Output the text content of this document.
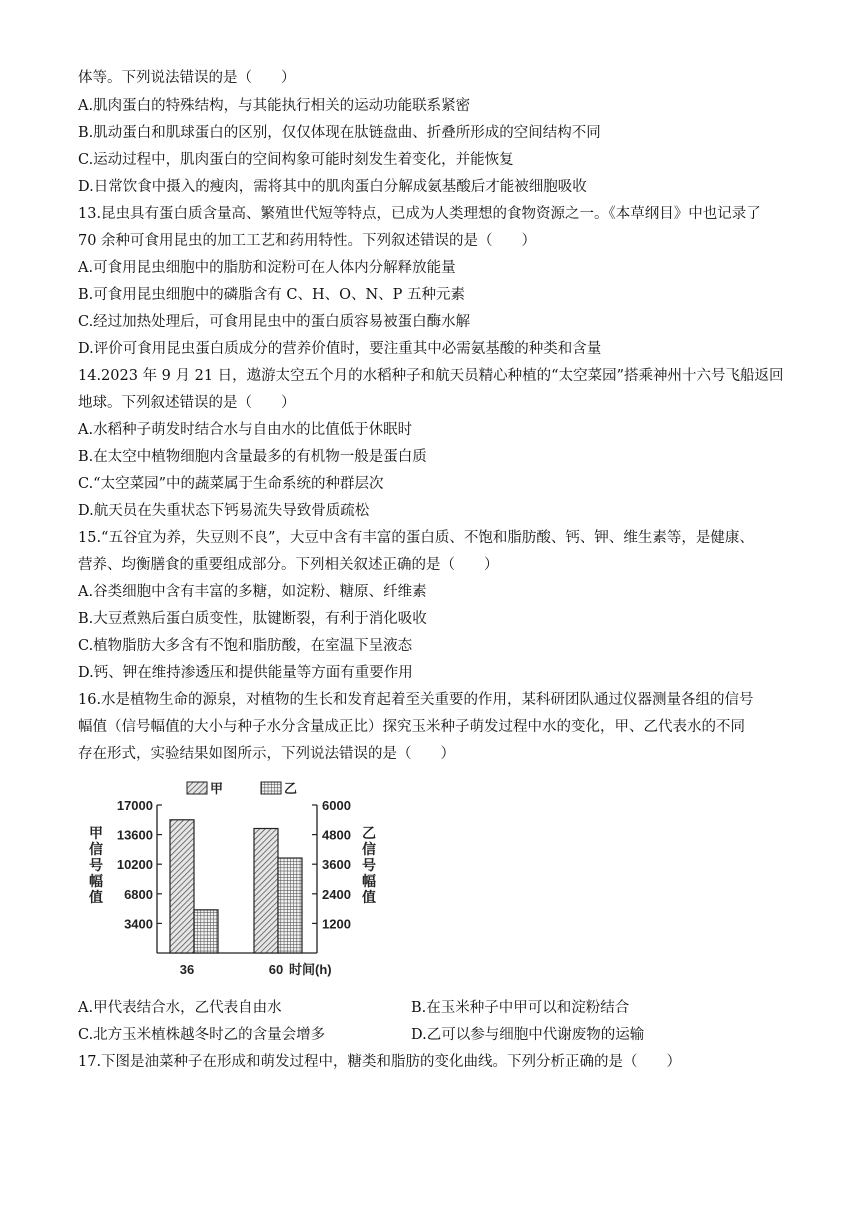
体等。下列说法错误的是（　　）
A.肌肉蛋白的特殊结构，与其能执行相关的运动功能联系紧密
B.肌动蛋白和肌球蛋白的区别，仅仅体现在肽链盘曲、折叠所形成的空间结构不同
C.运动过程中，肌肉蛋白的空间构象可能时刻发生着变化，并能恢复
D.日常饮食中摄入的瘦肉，需将其中的肌肉蛋白分解成氨基酸后才能被细胞吸收
13.昆虫具有蛋白质含量高、繁殖世代短等特点，已成为人类理想的食物资源之一。《本草纲目》中也记录了
70 余种可食用昆虫的加工工艺和药用特性。下列叙述错误的是（　　）
A.可食用昆虫细胞中的脂肪和淀粉可在人体内分解释放能量
B.可食用昆虫细胞中的磷脂含有 C、H、O、N、P 五种元素
C.经过加热处理后，可食用昆虫中的蛋白质容易被蛋白酶水解
D.评价可食用昆虫蛋白质成分的营养价值时，要注重其中必需氨基酸的种类和含量
14.2023 年 9 月 21 日，遨游太空五个月的水稻种子和航天员精心种植的“太空菜园”搭乘神州十六号飞船返回
地球。下列叙述错误的是（　　）
A.水稻种子萌发时结合水与自由水的比值低于休眠时
B.在太空中植物细胞内含量最多的有机物一般是蛋白质
C.“太空菜园”中的蔬菜属于生命系统的种群层次
D.航天员在失重状态下钙易流失导致骨质疏松
15.“五谷宜为养，失豆则不良”，大豆中含有丰富的蛋白质、不饱和脂肪酸、钙、钾、维生素等，是健康、
营养、均衡膳食的重要组成部分。下列相关叙述正确的是（　　）
A.谷类细胞中含有丰富的多糖，如淀粉、糖原、纤维素
B.大豆煮熟后蛋白质变性，肽键断裂，有利于消化吸收
C.植物脂肪大多含有不饱和脂肪酸，在室温下呈液态
D.钙、钾在维持渗透压和提供能量等方面有重要作用
16.水是植物生命的源泉，对植物的生长和发育起着至关重要的作用，某科研团队通过仪器测量各组的信号
幅值（信号幅值的大小与种子水分含量成正比）探究玉米种子萌发过程中水的变化，甲、乙代表水的不同
存在形式，实验结果如图所示，下列说法错误的是（　　）
17000
13600
10200
6800
3400
6000
4800
3600
2400
1200
甲
信
号
幅
值
乙
信
号
幅
值
36	60 时间(h)
甲	乙
A.甲代表结合水，乙代表自由水	B.在玉米种子中甲可以和淀粉结合
C.北方玉米植株越冬时乙的含量会增多	D.乙可以参与细胞中代谢废物的运输
17.下图是油菜种子在形成和萌发过程中，糖类和脂肪的变化曲线。下列分析正确的是（　　）
